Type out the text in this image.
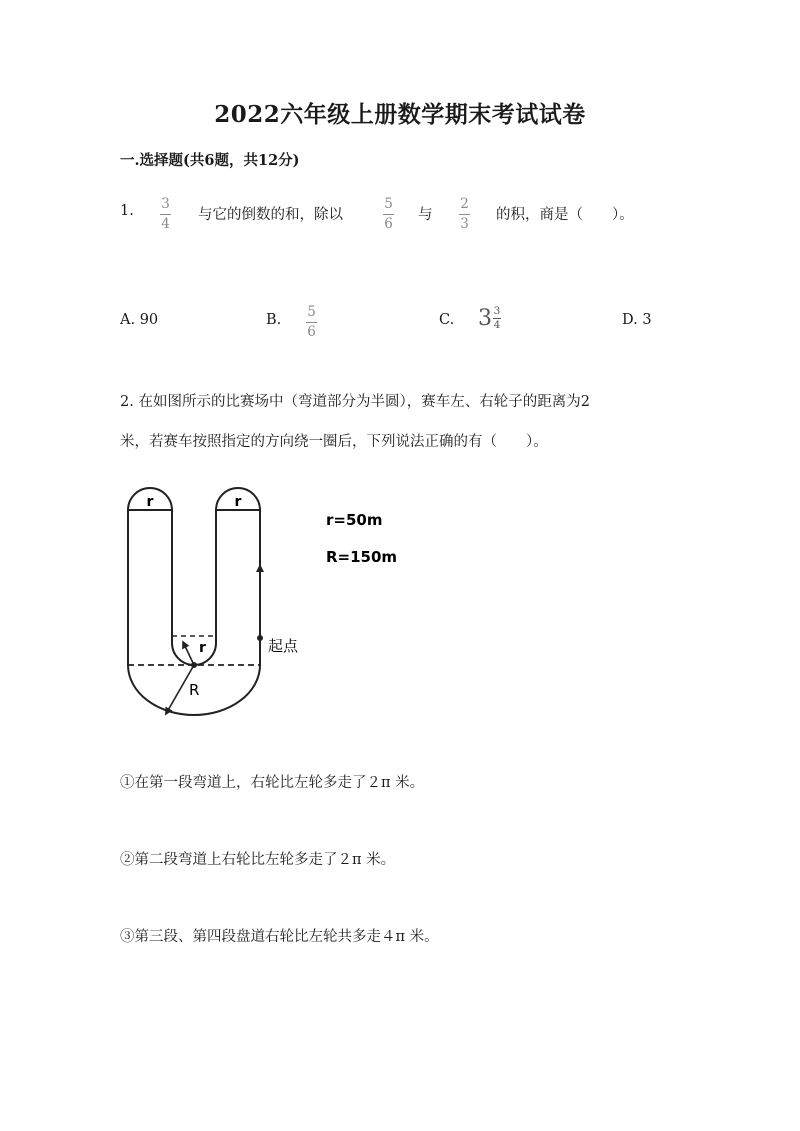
2022六年级上册数学期末考试试卷
一.选择题(共6题，共12分)
1. 3
4
与它的倒数的和，除以
5
6
与
2
3
的积，商是（　　）。
A. 90	B. 5
6
C. $3 \frac{3}{4}$	D. 3
2. 在如图所示的比赛场中（弯道部分为半圆），赛车左、右轮子的距离为2
米，若赛车按照指定的方向绕一圈后，下列说法正确的有（　　）。
r	r
r
R
起点
r=50m
R=150m
①在第一段弯道上，右轮比左轮多走了２π 米。
②第二段弯道上右轮比左轮多走了２π 米。
③第三段、第四段盘道右轮比左轮共多走４π 米。
